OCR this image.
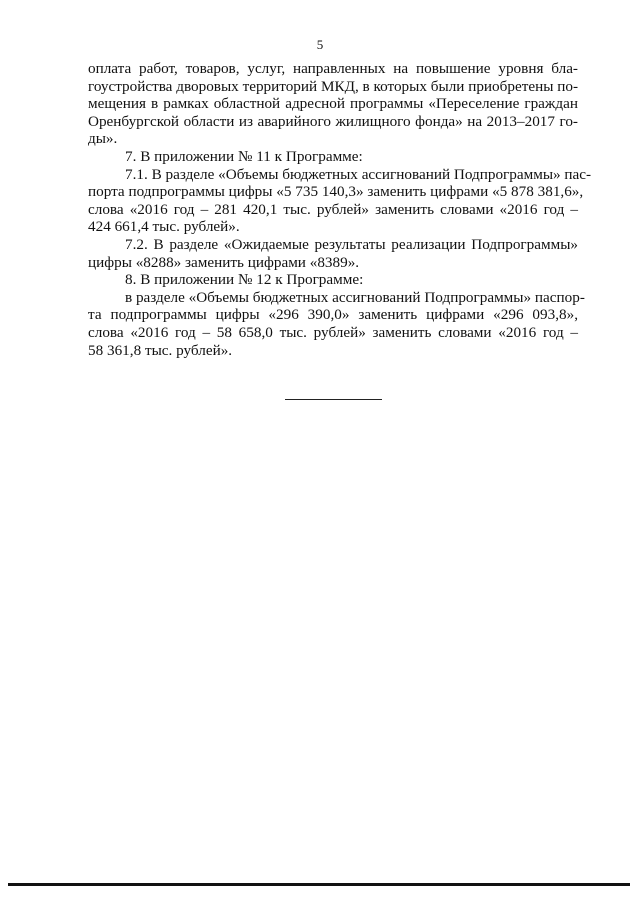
5

оплата работ, товаров, услуг, направленных на повышение уровня бла-
гоустройства дворовых территорий МКД, в которых были приобретены по-
мещения в рамках областной адресной программы «Переселение граждан
Оренбургской области из аварийного жилищного фонда» на 2013–2017 го-
ды».

7. В приложении № 11 к Программе:

7.1. В разделе «Объемы бюджетных ассигнований Подпрограммы» пас-
порта подпрограммы цифры «5 735 140,3» заменить цифрами «5 878 381,6»,
слова «2016 год – 281 420,1 тыс. рублей» заменить словами «2016 год –
424 661,4 тыс. рублей».

7.2. В разделе «Ожидаемые результаты реализации Подпрограммы»
цифры «8288» заменить цифрами «8389».

8. В приложении № 12 к Программе:

в разделе «Объемы бюджетных ассигнований Подпрограммы» паспор-
та подпрограммы цифры «296 390,0» заменить цифрами «296 093,8»,
слова «2016 год – 58 658,0 тыс. рублей» заменить словами «2016 год –
58 361,8 тыс. рублей».
